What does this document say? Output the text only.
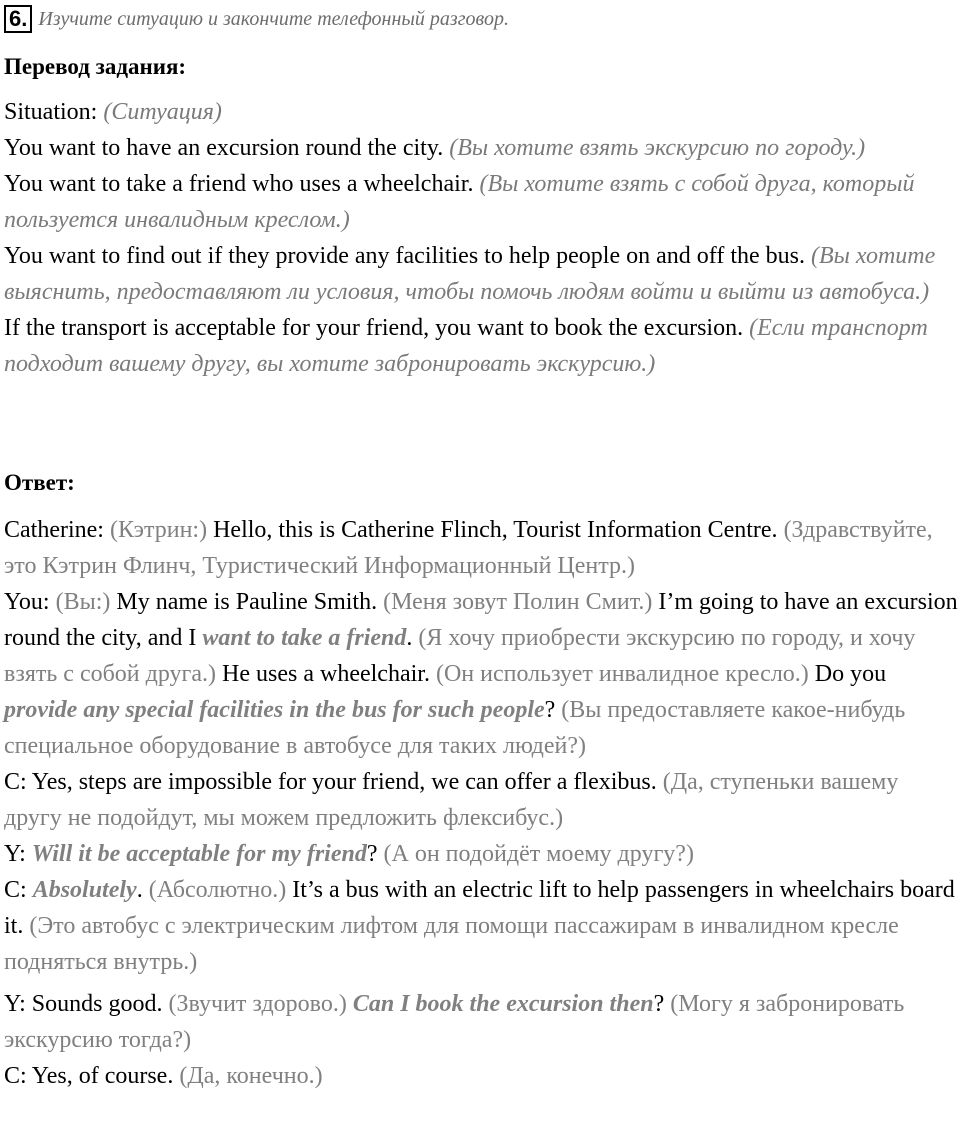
6. Изучите ситуацию и закончите телефонный разговор.
Перевод задания:

Situation: (Ситуация)

You want to have an excursion round the city. (Вы хотите взять экскурсию по городу.)

You want to take a friend who uses a wheelchair. (Вы хотите взять с собой друга, который пользуется инвалидным креслом.)

You want to find out if they provide any facilities to help people on and off the bus. (Вы хотите выяснить, предоставляют ли условия, чтобы помочь людям войти и выйти из автобуса.)

If the transport is acceptable for your friend, you want to book the excursion. (Если транспорт подходит вашему другу, вы хотите забронировать экскурсию.)

Ответ:

Catherine: (Кэтрин:) Hello, this is Catherine Flinch, Tourist Information Centre. (Здравствуйте, это Кэтрин Флинч, Туристический Информационный Центр.)

You: (Вы:) My name is Pauline Smith. (Меня зовут Полин Смит.) I’m going to have an excursion round the city, and I want to take a friend. (Я хочу приобрести экскурсию по городу, и хочу взять с собой друга.) He uses a wheelchair. (Он использует инвалидное кресло.) Do you provide any special facilities in the bus for such people? (Вы предоставляете какое-нибудь специальное оборудование в автобусе для таких людей?)

C: Yes, steps are impossible for your friend, we can offer a flexibus. (Да, ступеньки вашему другу не подойдут, мы можем предложить флексибус.)

Y: Will it be acceptable for my friend? (А он подойдёт моему другу?)

C: Absolutely. (Абсолютно.) It’s a bus with an electric lift to help passengers in wheelchairs board it. (Это автобус с электрическим лифтом для помощи пассажирам в инвалидном кресле подняться внутрь.)

Y: Sounds good. (Звучит здорово.) Can I book the excursion then? (Могу я забронировать экскурсию тогда?)

C: Yes, of course. (Да, конечно.)
